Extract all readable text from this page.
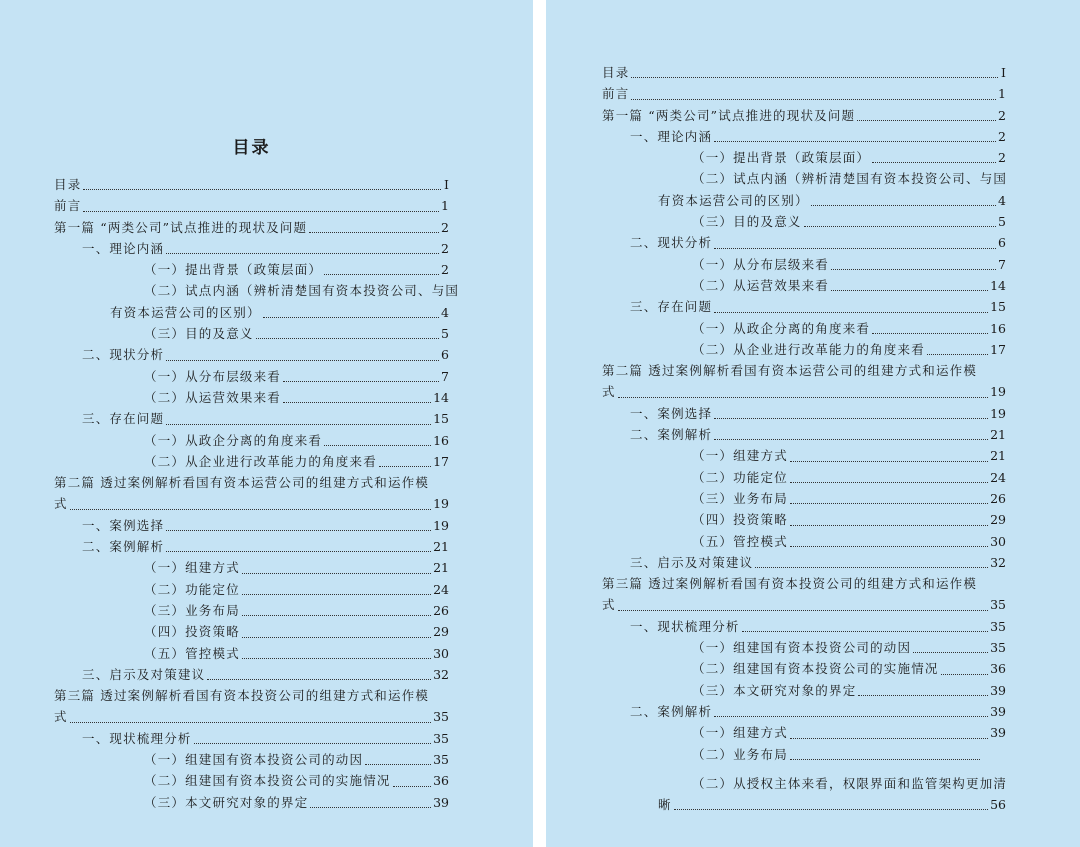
目录
目录	I
前言	1
第一篇 “两类公司”试点推进的现状及问题	2
一、理论内涵	2
（一）提出背景（政策层面）	2
（二）试点内涵（辨析清楚国有资本投资公司、与国
有资本运营公司的区别）	4
（三）目的及意义	5
二、现状分析	6
（一）从分布层级来看	7
（二）从运营效果来看	14
三、存在问题	15
（一）从政企分离的角度来看	16
（二）从企业进行改革能力的角度来看	17
第二篇 透过案例解析看国有资本运营公司的组建方式和运作模
式	19
一、案例选择	19
二、案例解析	21
（一）组建方式	21
（二）功能定位	24
（三）业务布局	26
（四）投资策略	29
（五）管控模式	30
三、启示及对策建议	32
第三篇 透过案例解析看国有资本投资公司的组建方式和运作模
式	35
一、现状梳理分析	35
（一）组建国有资本投资公司的动因	35
（二）组建国有资本投资公司的实施情况	36
（三）本文研究对象的界定	39
目录	I
前言	1
第一篇 “两类公司”试点推进的现状及问题	2
一、理论内涵	2
（一）提出背景（政策层面）	2
（二）试点内涵（辨析清楚国有资本投资公司、与国
有资本运营公司的区别）	4
（三）目的及意义	5
二、现状分析	6
（一）从分布层级来看	7
（二）从运营效果来看	14
三、存在问题	15
（一）从政企分离的角度来看	16
（二）从企业进行改革能力的角度来看	17
第二篇 透过案例解析看国有资本运营公司的组建方式和运作模
式	19
一、案例选择	19
二、案例解析	21
（一）组建方式	21
（二）功能定位	24
（三）业务布局	26
（四）投资策略	29
（五）管控模式	30
三、启示及对策建议	32
第三篇 透过案例解析看国有资本投资公司的组建方式和运作模
式	35
一、现状梳理分析	35
（一）组建国有资本投资公司的动因	35
（二）组建国有资本投资公司的实施情况	36
（三）本文研究对象的界定	39
二、案例解析	39
（一）组建方式	39
（二）业务布局
（二）从授权主体来看，权限界面和监管架构更加清
晰	56
